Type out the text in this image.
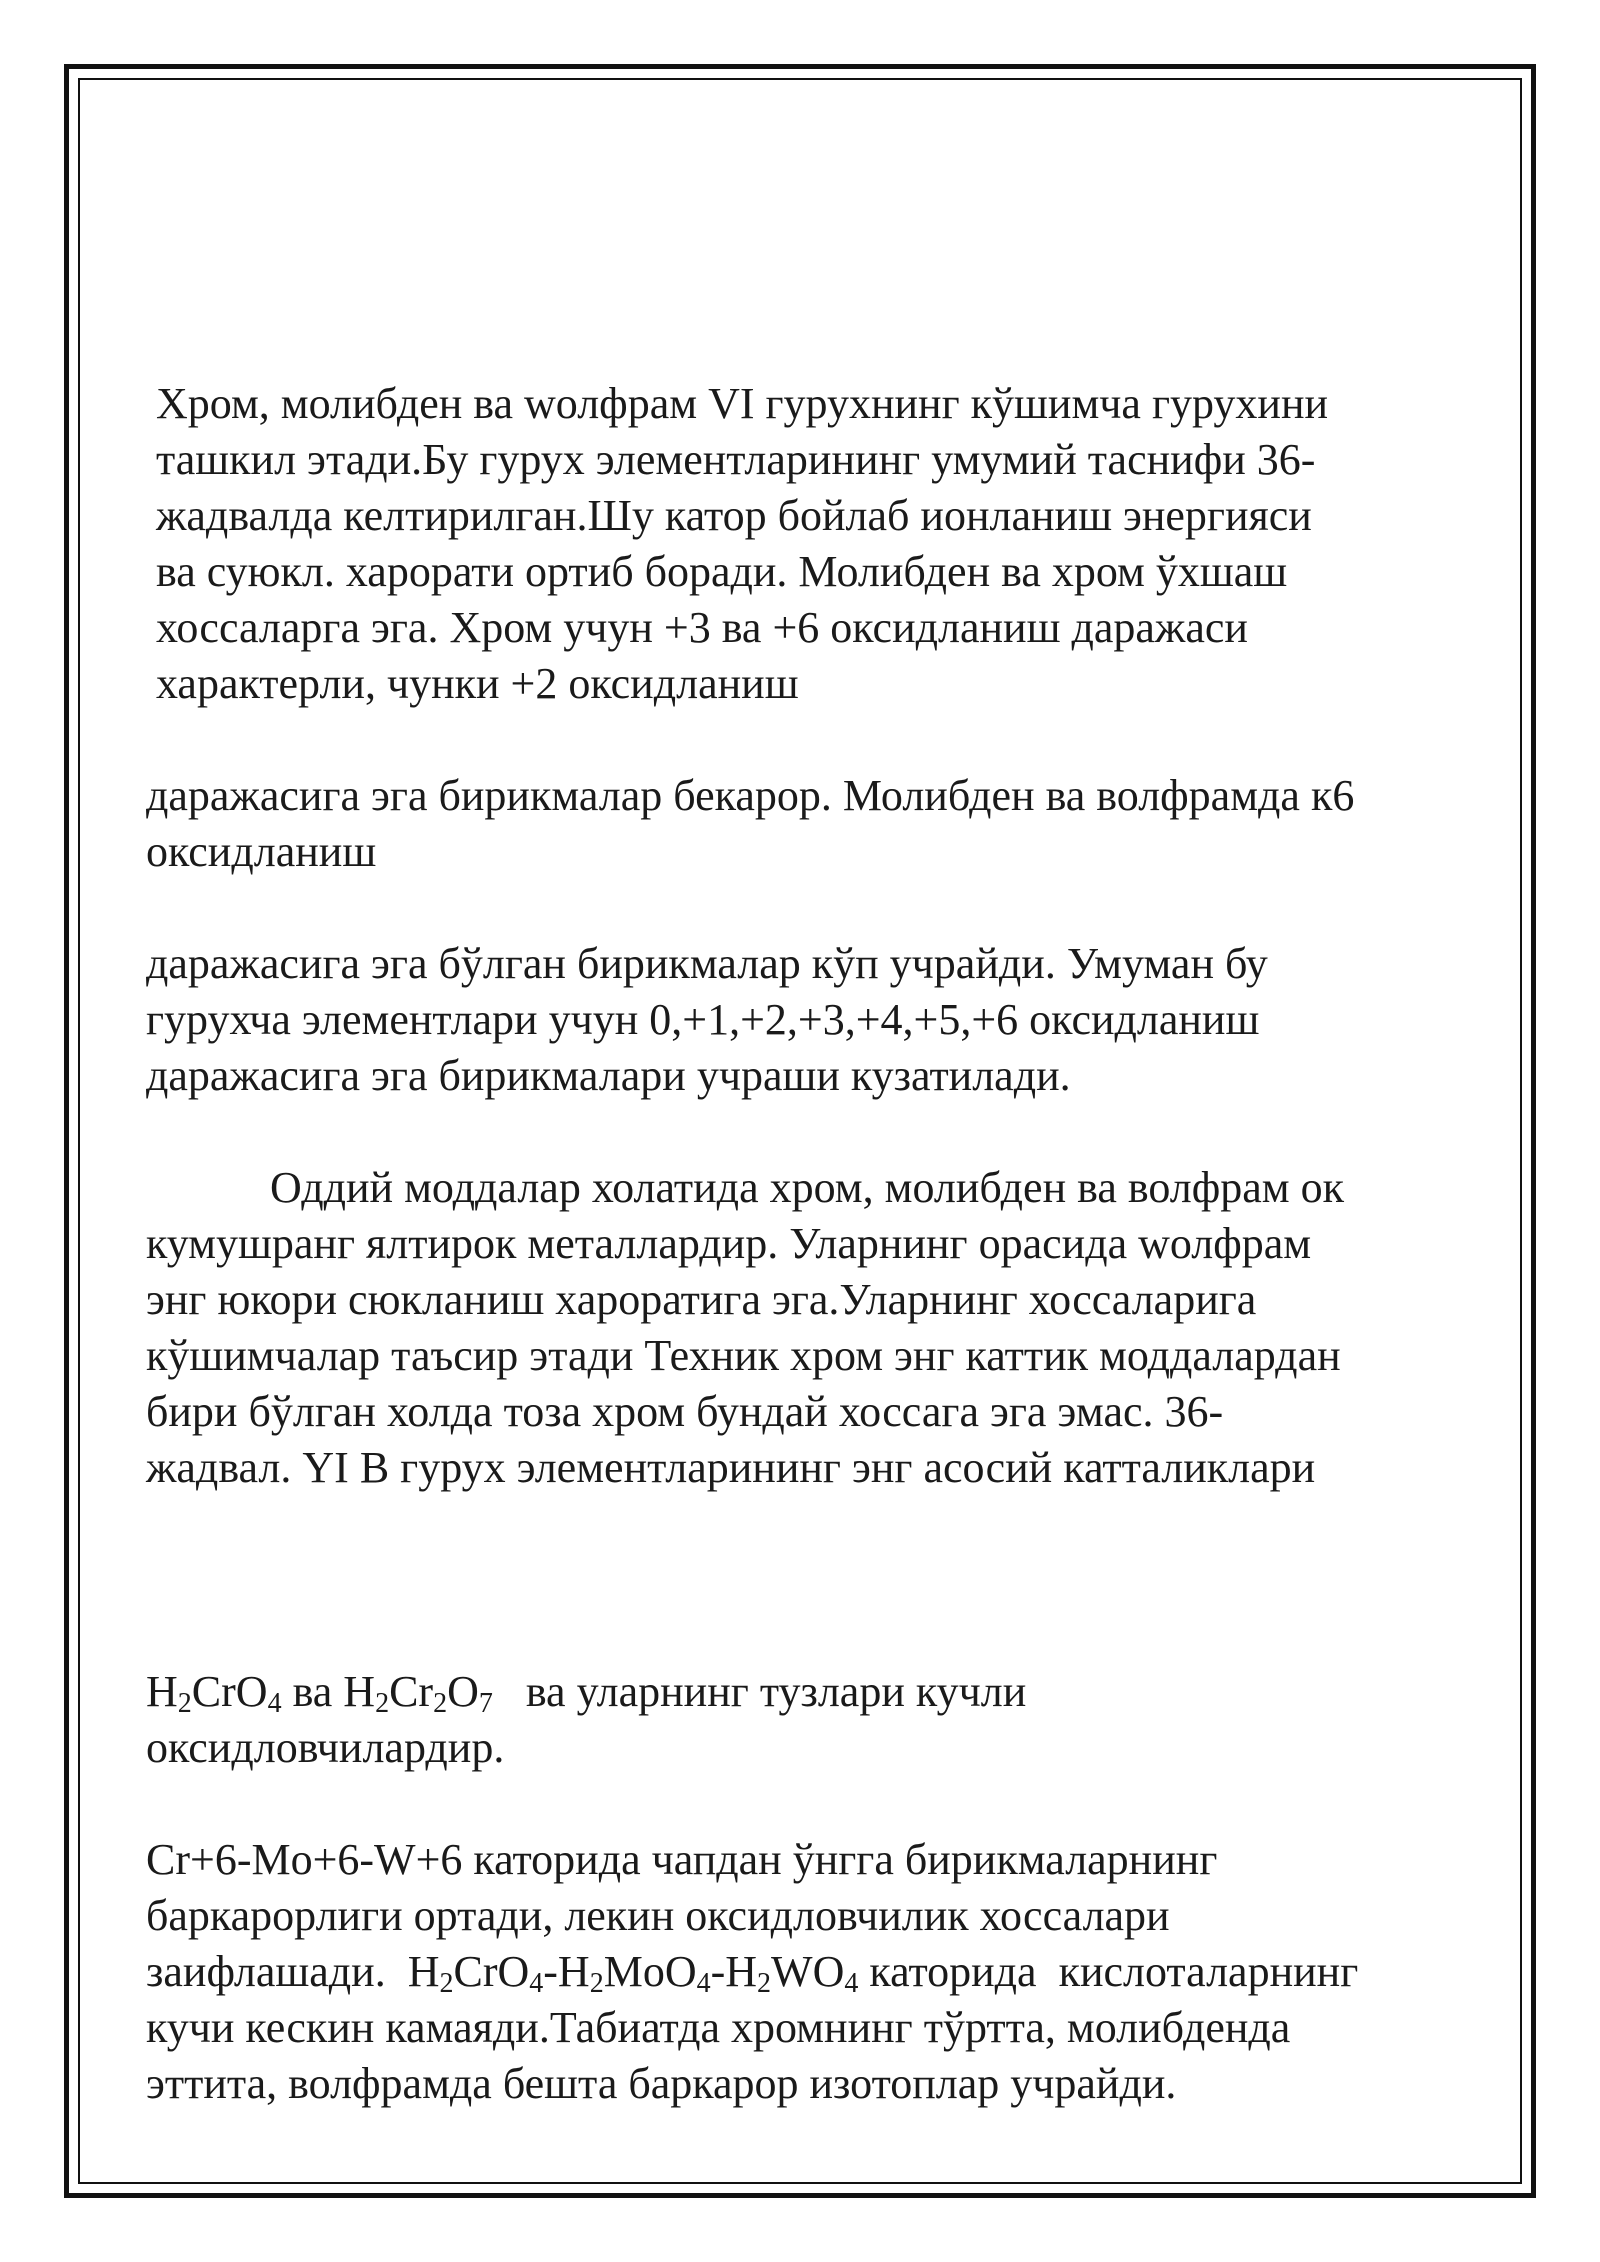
Хром, молибден ва wолфрам VI гурухнинг кўшимча гурухини
ташкил этади.Бу гурух элементларининг умумий таснифи 36-
жадвалда келтирилган.Шу катор бойлаб ионланиш энергияси
ва суюкл. харорати ортиб боради. Молибден ва хром ўхшаш
хоссаларга эга. Хром учун +3 ва +6 оксидланиш даражаси
характерли, чунки +2 оксидланиш

даражасига эга бирикмалар бекарор. Молибден ва волфрамда к6
оксидланиш

даражасига эга бўлган бирикмалар кўп учрайди. Умуман бу
гурухча элементлари учун 0,+1,+2,+3,+4,+5,+6 оксидланиш
даражасига эга бирикмалари учраши кузатилади.

Оддий моддалар холатида хром, молибден ва волфрам ок
кумушранг ялтирок металлардир. Уларнинг орасида wолфрам
энг юкори сюкланиш хароратига эга.Уларнинг хоссаларига
кўшимчалар таъсир этади Техник хром энг каттик моддалардан
бири бўлган холда тоза хром бундай хоссага эга эмас. 36-
жадвал. YI B гурух элементларининг энг асосий катталиклари

$H_2CrO_4$ ва $H_2Cr_2O_7$   ва уларнинг тузлари кучли
оксидловчилардир.

Cr+6-Mo+6-W+6 каторида чапдан ўнгга бирикмаларнинг
баркарорлиги ортади, лекин оксидловчилик хоссалари
заифлашади.  $H_2CrO_4-H_2MoO_4-H_2WO_4$ каторида  кислоталарнинг
кучи кескин камаяди.Табиатда хромнинг тўртта, молибденда
эттита, волфрамда бешта баркарор изотоплар учрайди.
